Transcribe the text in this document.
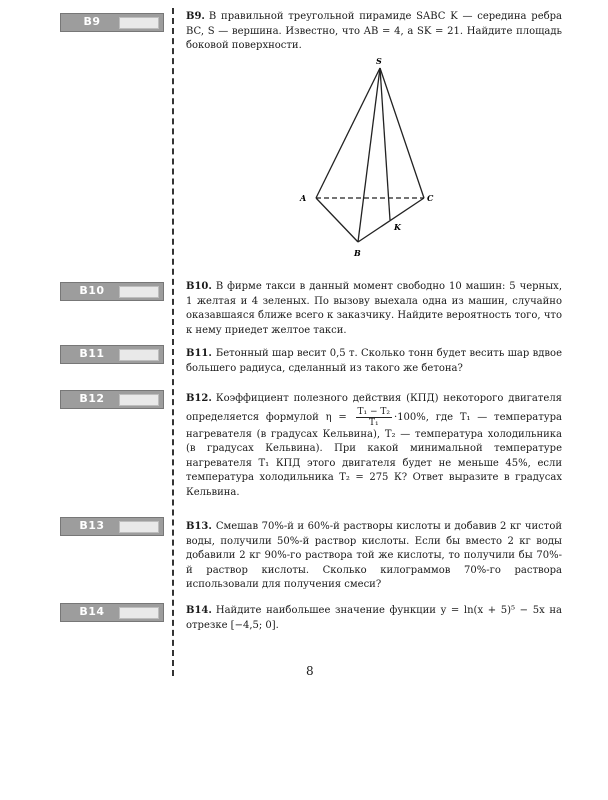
B9	B9. В правильной треугольной пирамиде SABC K — середина ребра BC, S — вершина. Известно, что AB = 4, а SK = 21. Найдите площадь боковой поверхности.
S
A
B
C
K
B10	B10. В фирме такси в данный момент свободно 10 машин: 5 черных, 1 желтая и 4 зеленых. По вызову выехала одна из машин, случайно оказавшаяся ближе всего к заказчику. Найдите вероятность того, что к нему приедет желтое такси.
B11	B11. Бетонный шар весит 0,5 т. Сколько тонн будет весить шар вдвое большего радиуса, сделанный из такого же бетона?
B12	B12. Коэффициент полезного действия (КПД) некоторого двигателя определяется формулой $\eta = \frac{\text{T₁ − T₂}}{\text{T₁}} \cdot 100\%$, где T₁ — температура нагревателя (в градусах Кельвина), T₂ — температура холодильника (в градусах Кельвина). При какой минимальной температуре нагревателя T₁ КПД этого двигателя будет не меньше 45%, если температура холодильника T₂ = 275 К? Ответ выразите в градусах Кельвина.
B13	B13. Смешав 70%-й и 60%-й растворы кислоты и добавив 2 кг чистой воды, получили 50%-й раствор кислоты. Если бы вместо 2 кг воды добавили 2 кг 90%-го раствора той же кислоты, то получили бы 70%-й раствор кислоты. Сколько килограммов 70%-го раствора использовали для получения смеси?
B14	B14. Найдите наибольшее значение функции y = ln(x + 5)⁵ − 5x на отрезке [−4,5; 0].
8
